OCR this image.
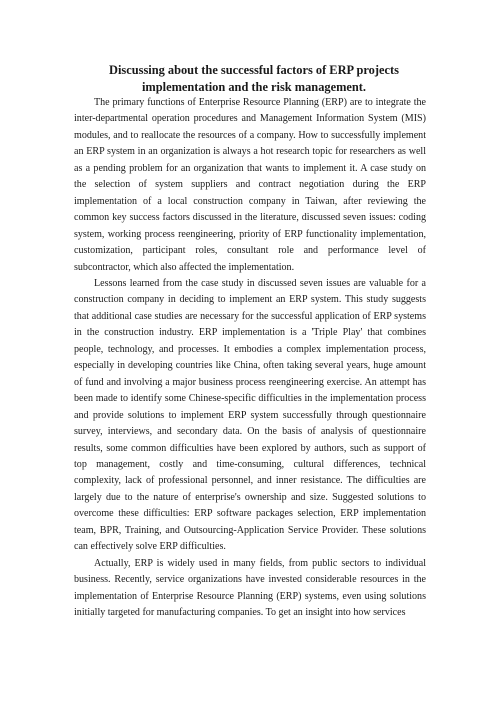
Discussing about the successful factors of ERP projects
implementation and the risk management.

The primary functions of Enterprise Resource Planning (ERP) are to integrate the inter-departmental operation procedures and Management Information System (MIS) modules, and to reallocate the resources of a company. How to successfully implement an ERP system in an organization is always a hot research topic for researchers as well as a pending problem for an organization that wants to implement it. A case study on the selection of system suppliers and contract negotiation during the ERP implementation of a local construction company in Taiwan, after reviewing the common key success factors discussed in the literature, discussed seven issues: coding system, working process reengineering, priority of ERP functionality implementation, customization, participant roles, consultant role and performance level of subcontractor, which also affected the implementation.

Lessons learned from the case study in discussed seven issues are valuable for a construction company in deciding to implement an ERP system. This study suggests that additional case studies are necessary for the successful application of ERP systems in the construction industry. ERP implementation is a 'Triple Play' that combines people, technology, and processes. It embodies a complex implementation process, especially in developing countries like China, often taking several years, huge amount of fund and involving a major business process reengineering exercise. An attempt has been made to identify some Chinese-specific difficulties in the implementation process and provide solutions to implement ERP system successfully through questionnaire survey, interviews, and secondary data. On the basis of analysis of questionnaire results, some common difficulties have been explored by authors, such as support of top management, costly and time-consuming, cultural differences, technical complexity, lack of professional personnel, and inner resistance. The difficulties are largely due to the nature of enterprise's ownership and size. Suggested solutions to overcome these difficulties: ERP software packages selection, ERP implementation team, BPR, Training, and Outsourcing-Application Service Provider. These solutions can effectively solve ERP difficulties.

Actually, ERP is widely used in many fields, from public sectors to individual business. Recently, service organizations have invested considerable resources in the implementation of Enterprise Resource Planning (ERP) systems, even using solutions initially targeted for manufacturing companies. To get an insight into how services
